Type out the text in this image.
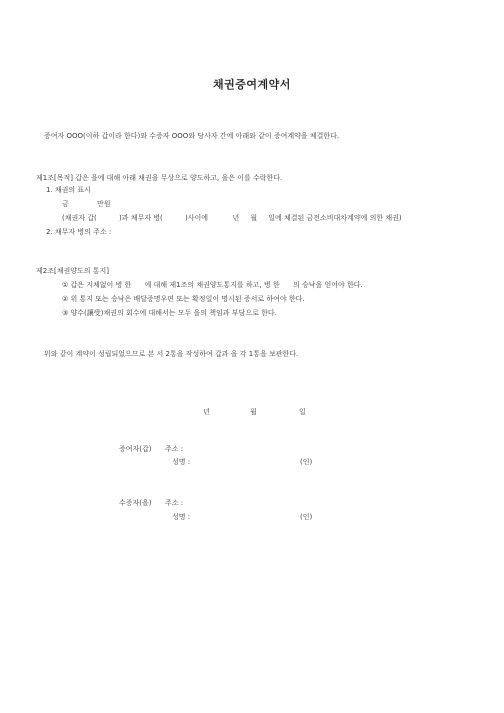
채권증여계약서
증여자 OOO(이하 갑이라 한다)와 수증자 OOO와 당사자 간에 아래와 같이 증여계약을 체결한다.
제1조[목적] 갑은 을에 대해 아래 채권을 무상으로 양도하고, 을은 이를 수락한다.
1. 채권의 표시
금	만원
(채권자 갑(          )과 채무자 병(          )사이에           년     월     일에 체결된 금전소비대차계약에 의한 채권)
2. 채무자 병의 주소 :
제2조[채권양도의 통지]
① 갑은 지체없이 병 한      에 대해 제1조의 채권양도통지를 하고, 병 한      의 승낙을 얻어야 한다.
② 위 통지 또는 승낙은 배달증명우편 또는 확정일이 명시된 증서로 하여야 한다.
③ 양수(讓受)채권의 회수에 대해서는 모두 을의 책임과 부담으로 한다.
위와 같이 계약이 성립되었으므로 본 서 2통을 작성하여 갑과 을 각 1통을 보관한다.
년	월	일
증여자(갑) 주소 :
성명 :	(인)
수증자(을) 주소 :
성명 :	(인)
